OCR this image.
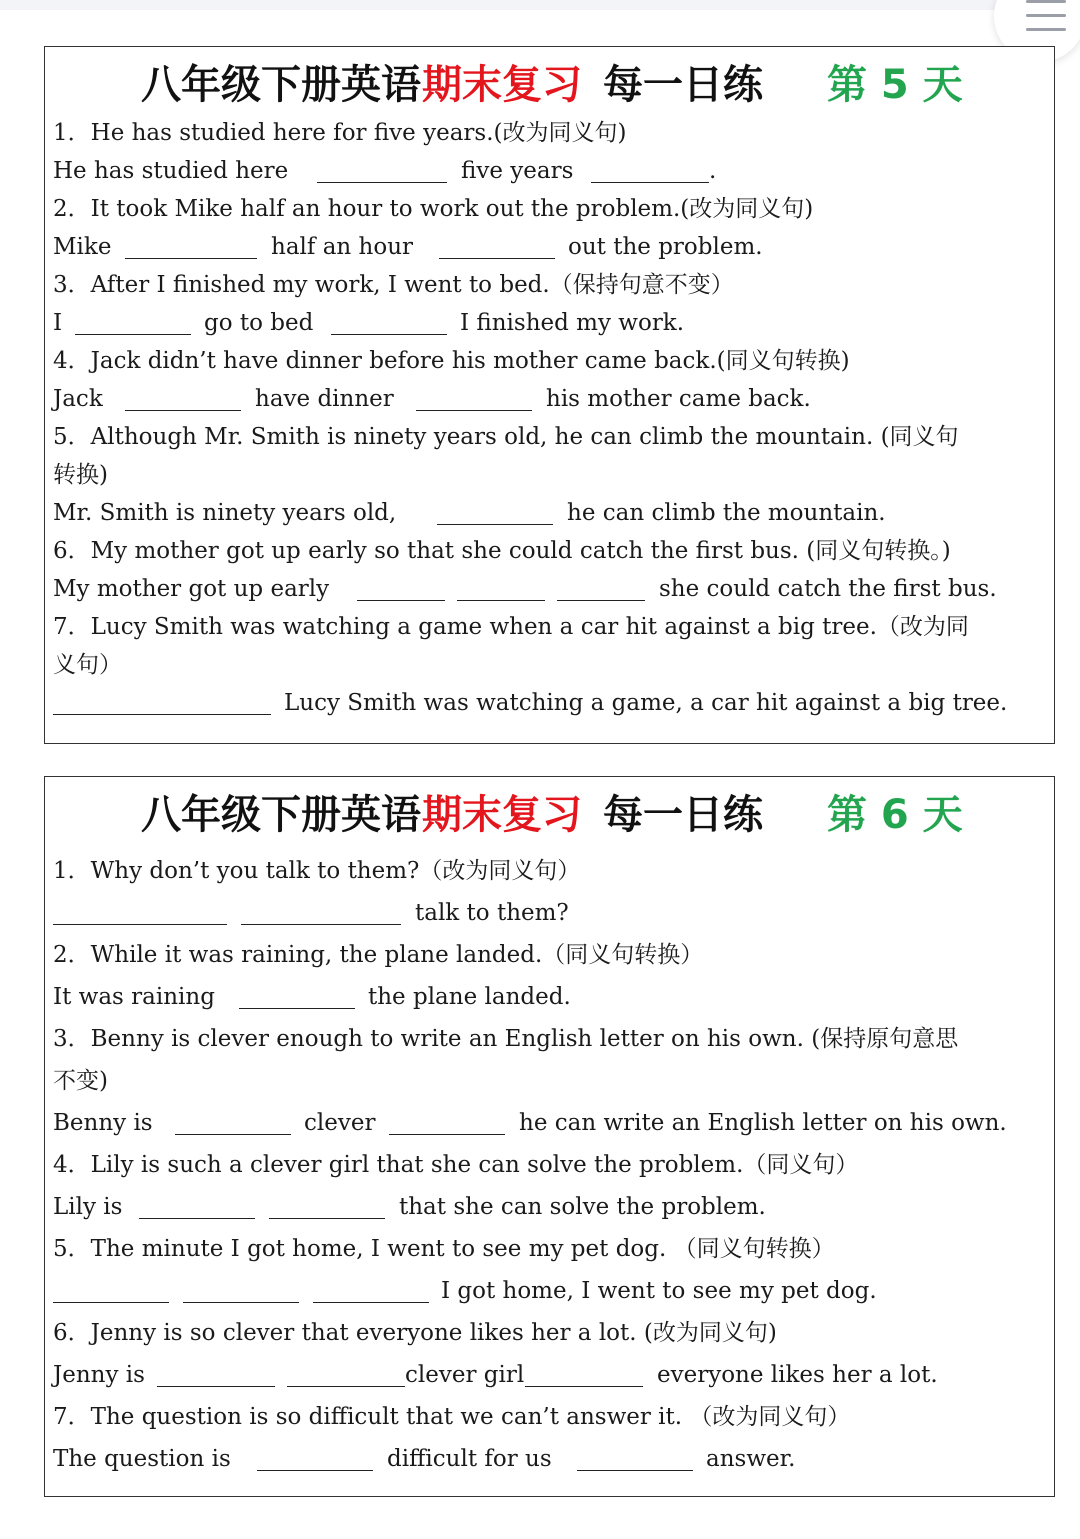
八年级下册英语 期末复习 每一日练 第 5 天
1．He has studied here for five years.(改为同义句)
He has studied here	five years	.
2．It took Mike half an hour to work out the problem.(改为同义句)
Mike	half an hour	out the problem.
3．After I finished my work, I went to bed.（保持句意不变）
I	go to bed	I finished my work.
4．Jack didn’t have dinner before his mother came back.(同义句转换)
Jack	have dinner	his mother came back.
5．Although Mr. Smith is ninety years old, he can climb the mountain. (同义句
转换)
Mr. Smith is ninety years old,	he can climb the mountain.
6．My mother got up early so that she could catch the first bus. (同义句转换。)
My mother got up early	she could catch the first bus.
7．Lucy Smith was watching a game when a car hit against a big tree.（改为同
义句）
Lucy Smith was watching a game, a car hit against a big tree.
八年级下册英语 期末复习 每一日练 第 6 天
1．Why don’t you talk to them?（改为同义句）
talk to them?
2．While it was raining, the plane landed.（同义句转换）
It was raining	the plane landed.
3．Benny is clever enough to write an English letter on his own. (保持原句意思
不变)
Benny is	clever	he can write an English letter on his own.
4．Lily is such a clever girl that she can solve the problem.（同义句）
Lily is	that she can solve the problem.
5．The minute I got home, I went to see my pet dog. （同义句转换）
I got home, I went to see my pet dog.
6．Jenny is so clever that everyone likes her a lot. (改为同义句)
Jenny is	clever girl	everyone likes her a lot.
7．The question is so difficult that we can’t answer it. （改为同义句）
The question is	difficult for us	answer.
